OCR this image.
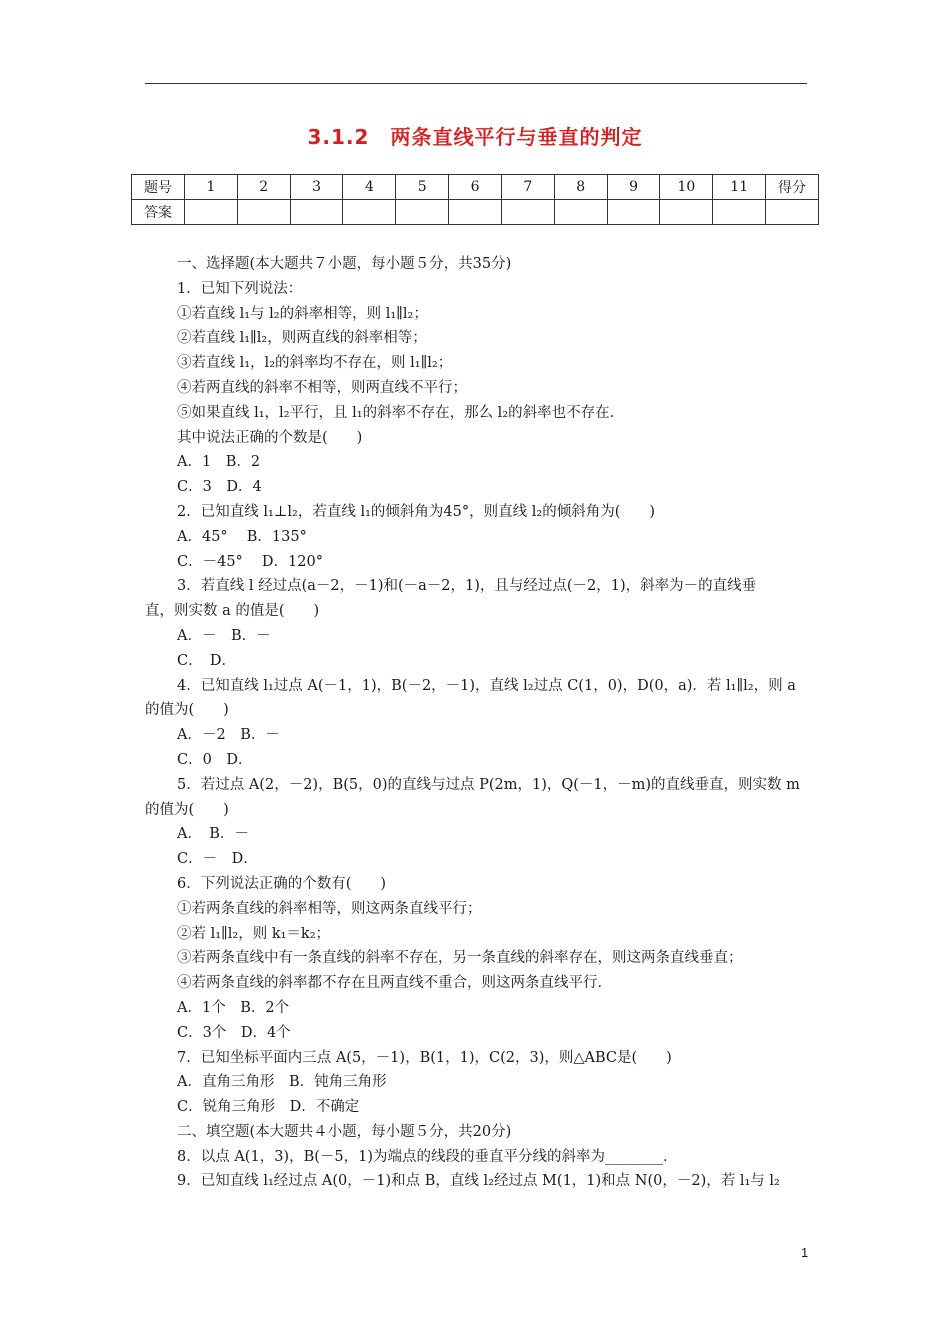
3.1.2　两条直线平行与垂直的判定
题号	1	2	3	4	5	6	7	8	9	10	11	得分
答案												

一、选择题(本大题共７小题，每小题５分，共35分)

1．已知下列说法：

①若直线 l₁与 l₂的斜率相等，则 l₁∥l₂；

②若直线 l₁∥l₂，则两直线的斜率相等；

③若直线 l₁，l₂的斜率均不存在，则 l₁∥l₂；

④若两直线的斜率不相等，则两直线不平行；

⑤如果直线 l₁，l₂平行，且 l₁的斜率不存在，那么 l₂的斜率也不存在．

其中说法正确的个数是(　　)

A．1　B．2

C．3　D．4

2．已知直线 l₁⊥l₂，若直线 l₁的倾斜角为45°，则直线 l₂的倾斜角为(　　)

A．45°　 B．135°

C．－45°　 D．120°

3．若直线 l 经过点(a－2，－1)和(－a－2，1)，且与经过点(－2，1)，斜率为－的直线垂

直，则实数 a 的值是(　　)

A．－　B．－

C．　D．

4．已知直线 l₁过点 A(－1，1)，B(－2，－1)，直线 l₂过点 C(1，0)，D(0，a)．若 l₁∥l₂，则 a

的值为(　　)

A．－2　B．－

C．0　D．

5．若过点 A(2，－2)，B(5，0)的直线与过点 P(2m，1)，Q(－1，－m)的直线垂直，则实数 m

的值为(　　)

A．　B．－

C．－　D．

6．下列说法正确的个数有(　　)

①若两条直线的斜率相等，则这两条直线平行；

②若 l₁∥l₂，则 k₁＝k₂；

③若两条直线中有一条直线的斜率不存在，另一条直线的斜率存在，则这两条直线垂直；

④若两条直线的斜率都不存在且两直线不重合，则这两条直线平行．

A．1个　B．2个

C．3个　D．4个

7．已知坐标平面内三点 A(5，－1)，B(1，1)，C(2，3)，则△ABC是(　　)

A．直角三角形　B．钝角三角形

C．锐角三角形　D．不确定

二、填空题(本大题共４小题，每小题５分，共20分)

8．以点 A(1，3)，B(－5，1)为端点的线段的垂直平分线的斜率为________．

9．已知直线 l₁经过点 A(0，－1)和点 B，直线 l₂经过点 M(1，1)和点 N(0，－2)，若 l₁与 l₂

1
